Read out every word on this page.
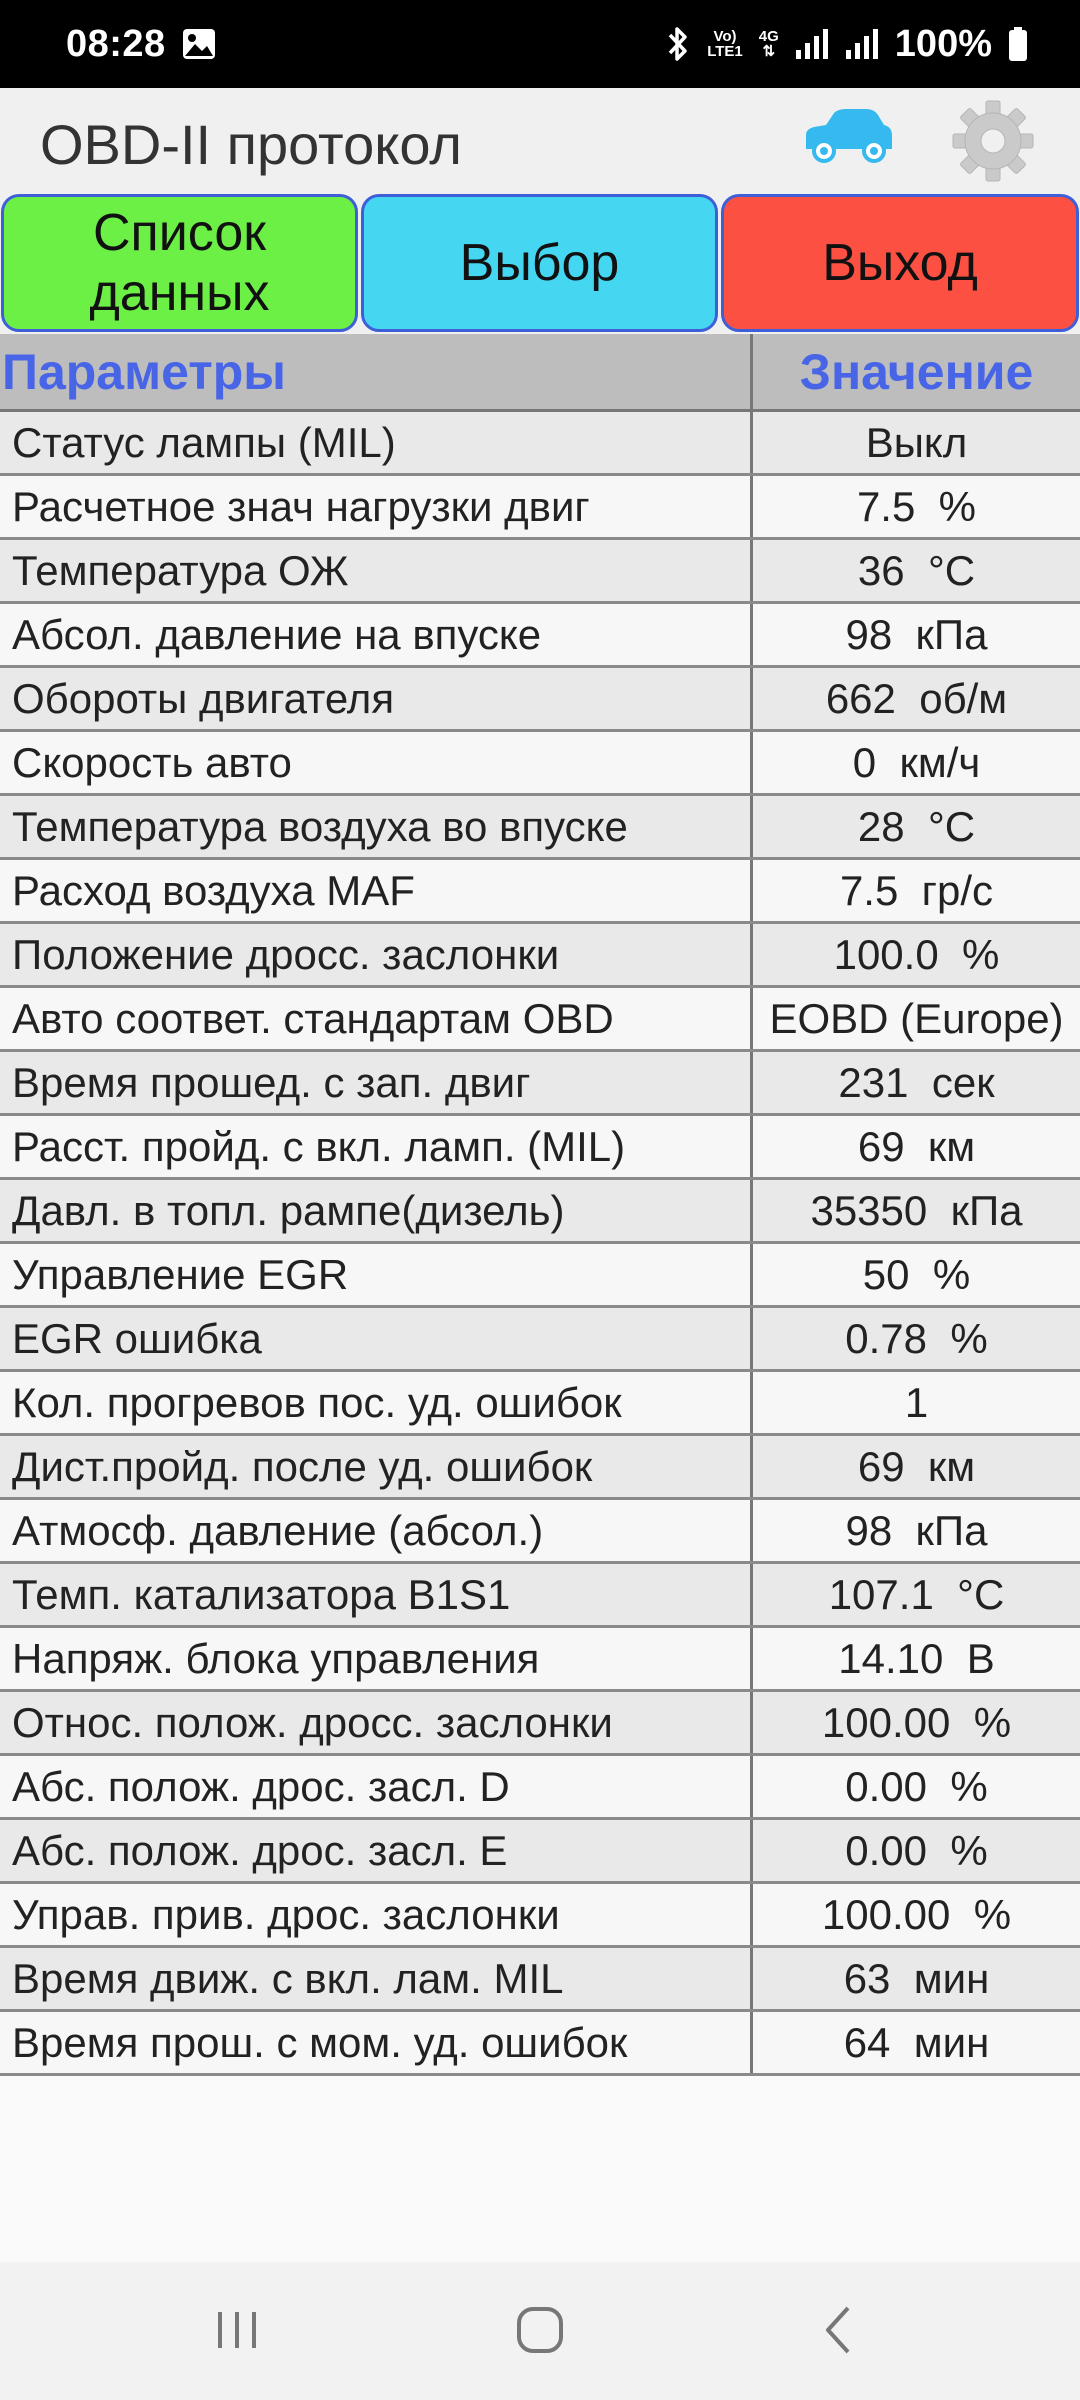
08:28	Vo)
LTE1
4G
⇅	100%
OBD-II протокол
Список
данных
Выбор	Выход
Параметры	Значение
Статус лампы (MIL)	Выкл
Расчетное знач нагрузки двиг	7.5  %
Температура ОЖ	36  °C
Абсол. давление на впуске	98  кПа
Обороты двигателя	662  об/м
Скорость авто	0  км/ч
Температура воздуха во впуске	28  °C
Расход воздуха MAF	7.5  гр/с
Положение дросс. заслонки	100.0  %
Авто соответ. стандартам OBD	EOBD (Europe)
Время прошед. с зап. двиг	231  сек
Расст. пройд. с вкл. ламп. (MIL)	69  км
Давл. в топл. рампе(дизель)	35350  кПа
Управление EGR	50  %
EGR ошибка	0.78  %
Кол. прогревов пос. уд. ошибок	1
Дист.пройд. после уд. ошибок	69  км
Атмосф. давление (абсол.)	98  кПа
Темп. катализатора B1S1	107.1  °C
Напряж. блока управления	14.10  В
Относ. полож. дросс. заслонки	100.00  %
Абс. полож. дрос. засл. D	0.00  %
Абс. полож. дрос. засл. E	0.00  %
Управ. прив. дрос. заслонки	100.00  %
Время движ. с вкл. лам. MIL	63  мин
Время прош. с мом. уд. ошибок	64  мин
